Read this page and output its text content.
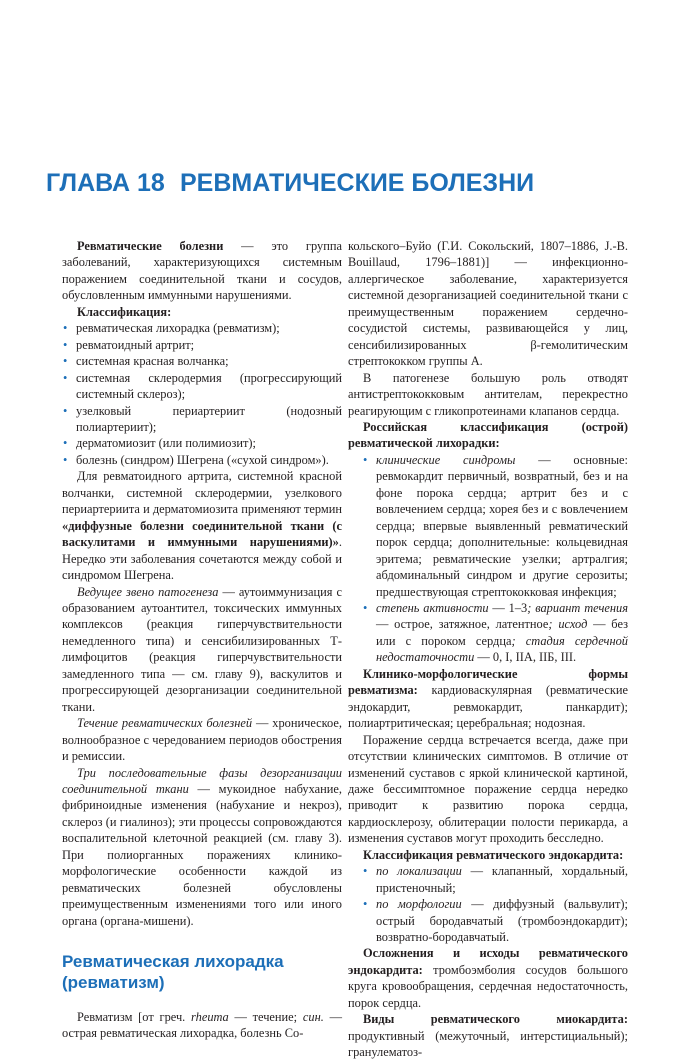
ГЛАВА 18 РЕВМАТИЧЕСКИЕ БОЛЕЗНИ

Ревматические болезни — это группа заболеваний, характеризующихся системным поражением соединительной ткани и сосудов, обусловленным иммунными нарушениями.

Классификация:

• ревматическая лихорадка (ревматизм);
• ревматоидный артрит;
• системная красная волчанка;
• системная склеродермия (прогрессирующий системный склероз);
• узелковый периартериит (нодозный полиартериит);
• дерматомиозит (или полимиозит);
• болезнь (синдром) Шегрена («сухой синдром»).

Для ревматоидного артрита, системной красной волчанки, системной склеродермии, узелкового периартериита и дерматомиозита применяют термин «диффузные болезни соединительной ткани (с васкулитами и иммунными нарушениями)». Нередко эти заболевания сочетаются между собой и синдромом Шегрена.

Ведущее звено патогенеза — аутоиммунизация с образованием аутоантител, токсических иммунных комплексов (реакция гиперчувствительности немедленного типа) и сенсибилизированных Т-лимфоцитов (реакция гиперчувствительности замедленного типа — см. главу 9), васкулитов и прогрессирующей дезорганизации соединительной ткани.

Течение ревматических болезней — хроническое, волнообразное с чередованием периодов обострения и ремиссии.

Три последовательные фазы дезорганизации соединительной ткани — мукоидное набухание, фибриноидные изменения (набухание и некроз), склероз (и гиалиноз); эти процессы сопровождаются воспалительной клеточной реакцией (см. главу 3). При полиорганных поражениях клинико-морфологические особенности каждой из ревматических болезней обусловлены преимущественным изменениями того или иного органа (органа-мишени).

Ревматическая лихорадка (ревматизм)

Ревматизм [от греч. rheuma — течение; син. — острая ревматическая лихорадка, болезнь Со-

кольского–Буйо (Г.И. Сокольский, 1807–1886, J.-B. Bouillaud, 1796–1881)] — инфекционно-аллергическое заболевание, характеризуется системной дезорганизацией соединительной ткани с преимущественным поражением сердечно-сосудистой системы, развивающейся у лиц, сенсибилизированных β-гемолитическим стрептококком группы А.

В патогенезе большую роль отводят антистрептококковым антителам, перекрестно реагирующим с гликопротеинами клапанов сердца.

Российская классификация (острой) ревматической лихорадки:

• клинические синдромы — основные: ревмокардит первичный, возвратный, без и на фоне порока сердца; артрит без и с вовлечением сердца; хорея без и с вовлечением сердца; впервые выявленный ревматический порок сердца; дополнительные: кольцевидная эритема; ревматические узелки; артралгия; абдоминальный синдром и другие серозиты; предшествующая стрептококковая инфекция;
• степень активности — 1–3; вариант течения — острое, затяжное, латентное; исход — без или с пороком сердца; стадия сердечной недостаточности — 0, I, IIA, IIБ, III.

Клинико-морфологические формы ревматизма: кардиоваскулярная (ревматические эндокардит, ревмокардит, панкардит); полиартритическая; церебральная; нодозная.

Поражение сердца встречается всегда, даже при отсутствии клинических симптомов. В отличие от изменений суставов с яркой клинической картиной, даже бессимптомное поражение сердца нередко приводит к развитию порока сердца, кардиосклерозу, облитерации полости перикарда, а изменения суставов могут проходить бесследно.

Классификация ревматического эндокардита:

• по локализации — клапанный, хордальный, пристеночный;
• по морфологии — диффузный (вальвулит); острый бородавчатый (тромбоэндокардит); возвратно-бородавчатый.

Осложнения и исходы ревматического эндокардита: тромбоэмболия сосудов большого круга кровообращения, сердечная недостаточность, порок сердца.

Виды ревматического миокардита: продуктивный (межуточный, интерстициальный); гранулематоз-
